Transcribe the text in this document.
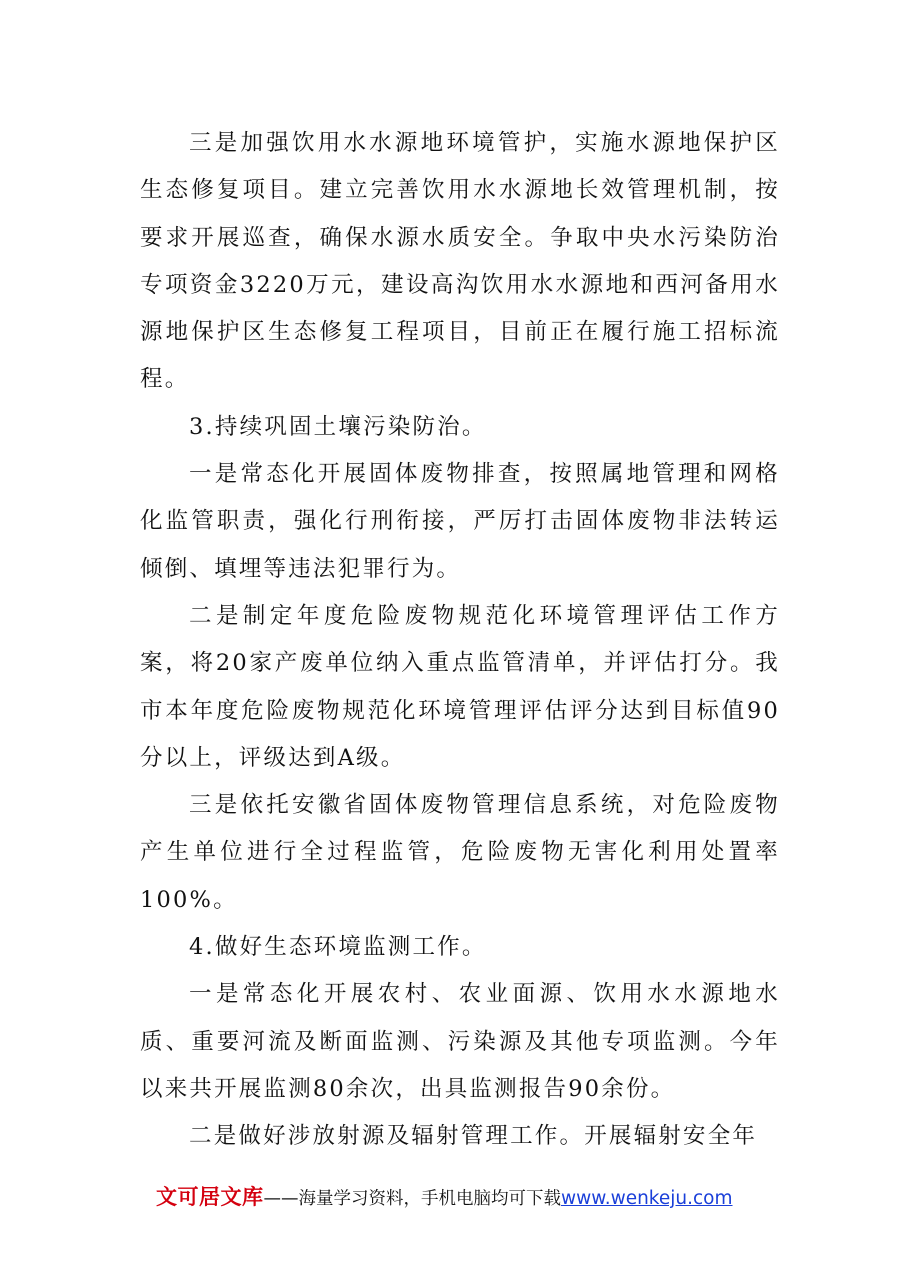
三是加强饮用水水源地环境管护，实施水源地保护区生态修复项目。建立完善饮用水水源地长效管理机制，按要求开展巡查，确保水源水质安全。争取中央水污染防治专项资金3220万元，建设高沟饮用水水源地和西河备用水源地保护区生态修复工程项目，目前正在履行施工招标流程。

3.持续巩固土壤污染防治。

一是常态化开展固体废物排查，按照属地管理和网格化监管职责，强化行刑衔接，严厉打击固体废物非法转运倾倒、填埋等违法犯罪行为。

二是制定年度危险废物规范化环境管理评估工作方案，将20家产废单位纳入重点监管清单，并评估打分。我市本年度危险废物规范化环境管理评估评分达到目标值90分以上，评级达到A级。

三是依托安徽省固体废物管理信息系统，对危险废物产生单位进行全过程监管，危险废物无害化利用处置率100%。

4.做好生态环境监测工作。

一是常态化开展农村、农业面源、饮用水水源地水质、重要河流及断面监测、污染源及其他专项监测。今年以来共开展监测80余次，出具监测报告90余份。

二是做好涉放射源及辐射管理工作。开展辐射安全年

文可居文库——海量学习资料，手机电脑均可下载www.wenkeju.com
